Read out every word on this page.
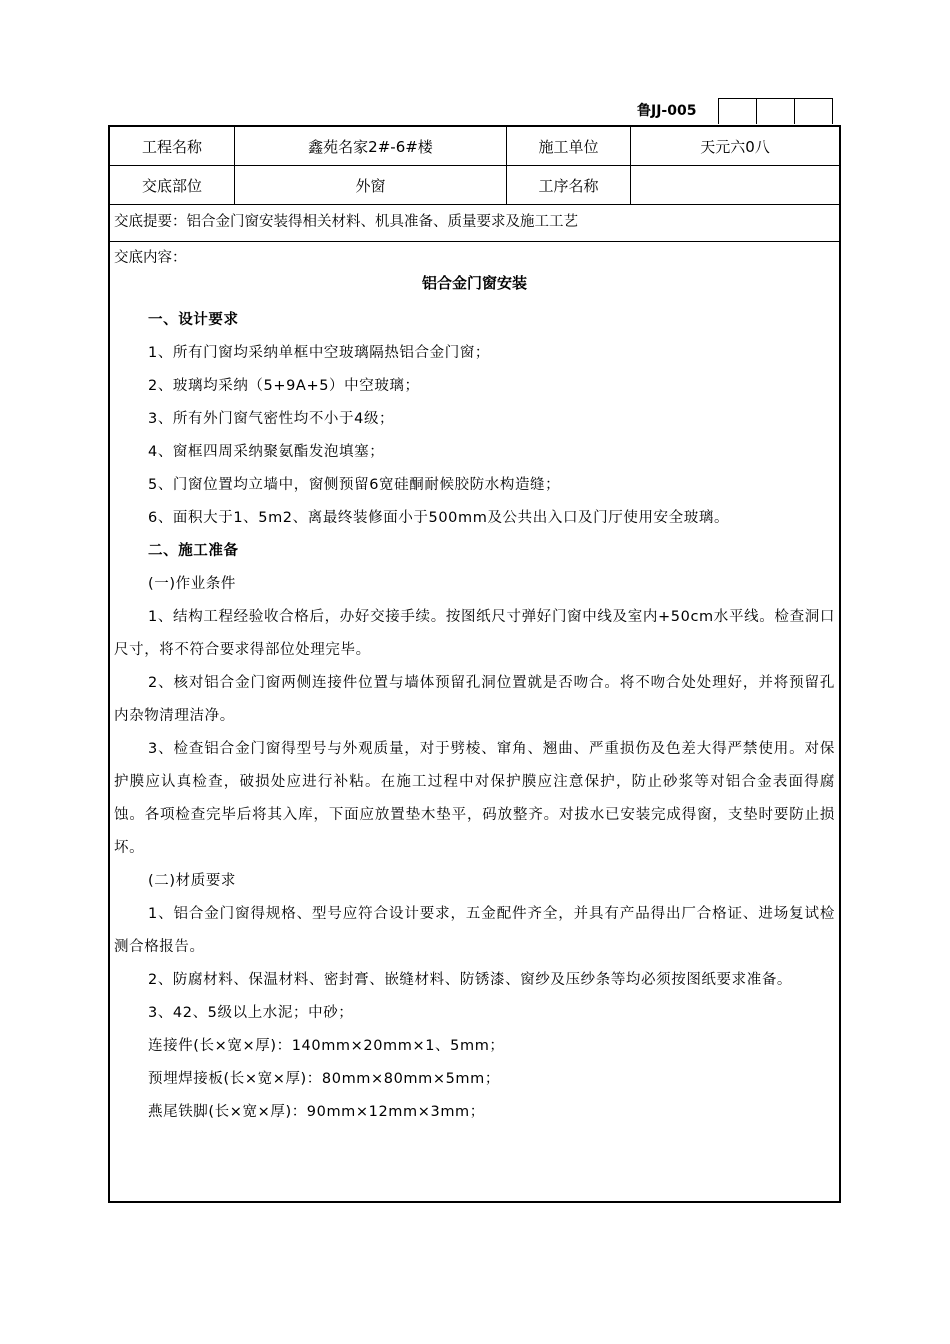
鲁JJ-005
工程名称	鑫苑名家2#-6#楼	施工单位	天元六0八
交底部位	外窗	工序名称
交底提要：铝合金门窗安装得相关材料、机具准备、质量要求及施工工艺
交底内容：
铝合金门窗安装
一、设计要求
1、所有门窗均采纳单框中空玻璃隔热铝合金门窗；
2、玻璃均采纳（5+9A+5）中空玻璃；
3、所有外门窗气密性均不小于4级；
4、窗框四周采纳聚氨酯发泡填塞；
5、门窗位置均立墙中，窗侧预留6宽硅酮耐候胶防水构造缝；
6、面积大于1、5m2、离最终装修面小于500mm及公共出入口及门厅使用安全玻璃。
二、施工准备
(一)作业条件
1、结构工程经验收合格后，办好交接手续。按图纸尺寸弹好门窗中线及室内+50cm水平线。检查洞口尺寸，将不符合要求得部位处理完毕。
2、核对铝合金门窗两侧连接件位置与墙体预留孔洞位置就是否吻合。将不吻合处处理好，并将预留孔内杂物清理洁净。
3、检查铝合金门窗得型号与外观质量，对于劈棱、窜角、翘曲、严重损伤及色差大得严禁使用。对保护膜应认真检查，破损处应进行补粘。在施工过程中对保护膜应注意保护，防止砂浆等对铝合金表面得腐蚀。各项检查完毕后将其入库，下面应放置垫木垫平，码放整齐。对拔水已安装完成得窗，支垫时要防止损坏。
(二)材质要求
1、铝合金门窗得规格、型号应符合设计要求，五金配件齐全，并具有产品得出厂合格证、进场复试检测合格报告。
2、防腐材料、保温材料、密封膏、嵌缝材料、防锈漆、窗纱及压纱条等均必须按图纸要求准备。
3、42、5级以上水泥；中砂；
连接件(长×宽×厚)：140mm×20mm×1、5mm；
预埋焊接板(长×宽×厚)：80mm×80mm×5mm；
燕尾铁脚(长×宽×厚)：90mm×12mm×3mm；
